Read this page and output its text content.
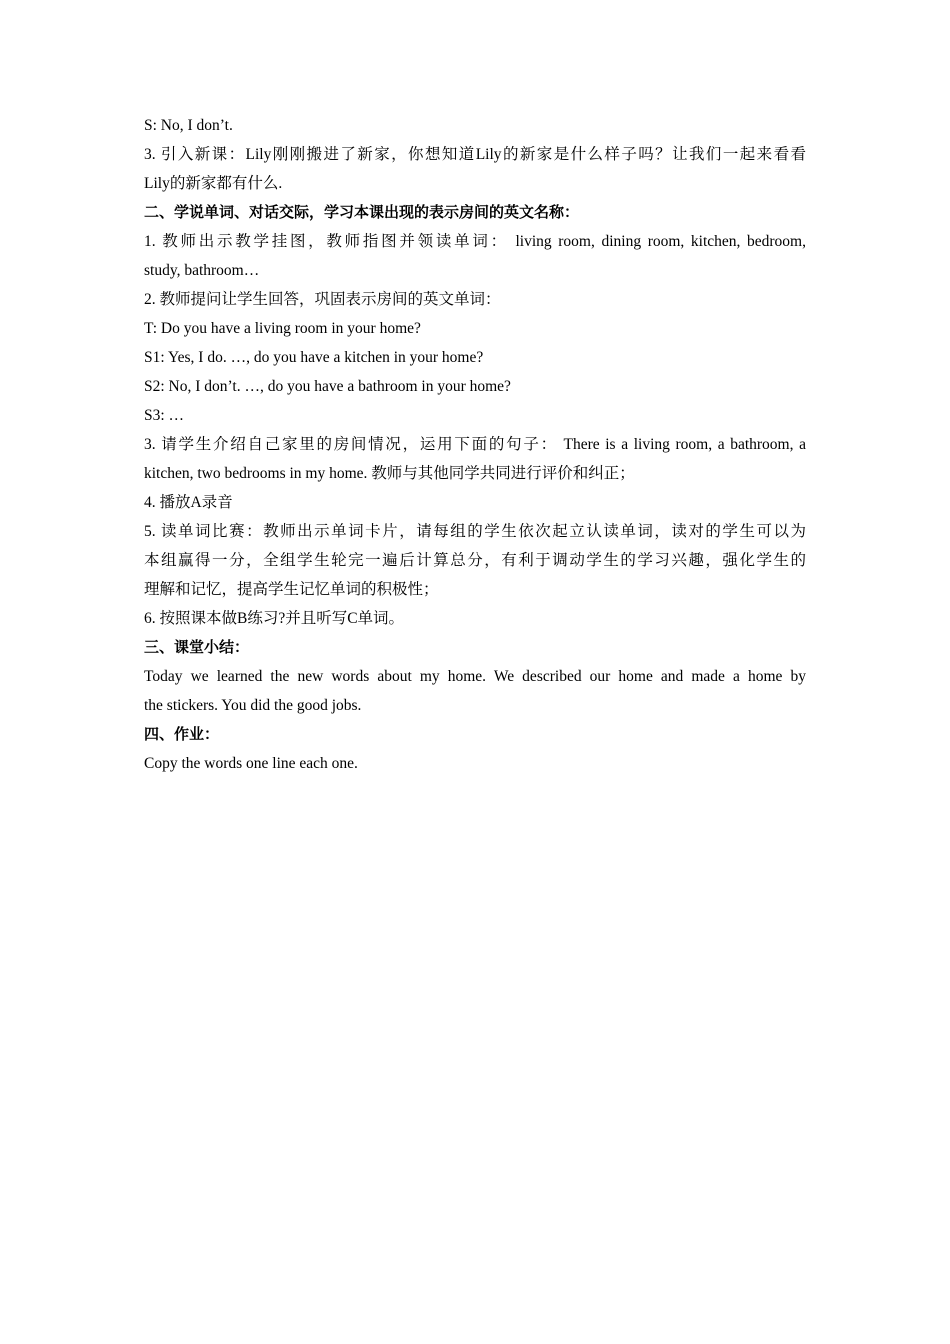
S: No, I don’t.
3. 引入新课：Lily刚刚搬进了新家，你想知道Lily的新家是什么样子吗？让我们一起来看看
Lily的新家都有什么.
二、学说单词、对话交际，学习本课出现的表示房间的英文名称：
1. 教师出示教学挂图，教师指图并领读单词： living room, dining room, kitchen, bedroom,
study, bathroom…
2. 教师提问让学生回答，巩固表示房间的英文单词：
T: Do you have a living room in your home?
S1: Yes, I do. …, do you have a kitchen in your home?
S2: No, I don’t. …, do you have a bathroom in your home?
S3: …
3. 请学生介绍自己家里的房间情况，运用下面的句子： There is a living room, a bathroom, a
kitchen, two bedrooms in my home. 教师与其他同学共同进行评价和纠正；
4. 播放A录音
5. 读单词比赛：教师出示单词卡片，请每组的学生依次起立认读单词，读对的学生可以为
本组赢得一分，全组学生轮完一遍后计算总分，有利于调动学生的学习兴趣，强化学生的
理解和记忆，提高学生记忆单词的积极性；
6. 按照课本做B练习?并且听写C单词。
三、课堂小结：
Today we learned the new words about my home. We described our home and made a home by
the stickers. You did the good jobs.
四、作业：
Copy the words one line each one.
